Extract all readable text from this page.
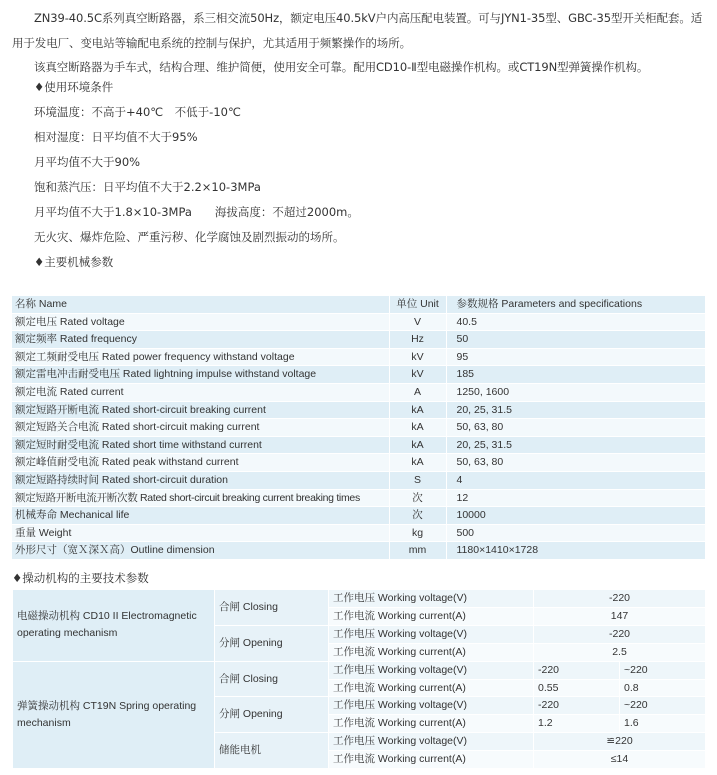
ZN39-40.5C系列真空断路器，系三相交流50Hz，额定电压40.5kV户内高压配电装置。可与JYN1-35型、GBC-35型开关柜配套。适用于发电厂、变电站等输配电系统的控制与保护，尤其适用于频繁操作的场所。
该真空断路器为手车式，结构合理、维护简便，使用安全可靠。配用CD10-Ⅱ型电磁操作机构。或CT19N型弹簧操作机构。
♦使用环境条件
环境温度：不高于+40℃　不低于-10℃
相对湿度：日平均值不大于95%
月平均值不大于90%
饱和蒸汽压：日平均值不大于2.2×10-3MPa
月平均值不大于1.8×10-3MPa　　海拔高度：不超过2000m。
无火灾、爆炸危险、严重污秽、化学腐蚀及剧烈振动的场所。
♦主要机械参数
名称 Name	单位 Unit	参数规格 Parameters and specifications
额定电压 Rated voltage	V	40.5
额定频率 Rated frequency	Hz	50
额定工频耐受电压 Rated power frequency withstand voltage	kV	95
额定雷电冲击耐受电压 Rated lightning impulse withstand voltage	kV	185
额定电流 Rated current	A	1250, 1600
额定短路开断电流 Rated short-circuit breaking current	kA	20, 25, 31.5
额定短路关合电流 Rated short-circuit making current	kA	50, 63, 80
额定短时耐受电流 Rated short time withstand current	kA	20, 25, 31.5
额定峰值耐受电流 Rated peak withstand current	kA	50, 63, 80
额定短路持续时间 Rated short-circuit duration	S	4
额定短路开断电流开断次数 Rated short-circuit breaking current breaking times	次	12
机械寿命 Mechanical life	次	10000
重量 Weight	kg	500
外形尺寸（宽Ｘ深Ｘ高）Outline dimension	mm	1180×1410×1728
♦操动机构的主要技术参数
电磁操动机构 CD10 II Electromagnetic operating mechanism	合闸 Closing	工作电压 Working voltage(V)	-220	
		工作电流 Working current(A)	147	
	分闸 Opening	工作电压 Working voltage(V)	-220	
		工作电流 Working current(A)	2.5	
弹簧操动机构 CT19N Spring operating mechanism	合闸 Closing	工作电压 Working voltage(V)	-220	~220
		工作电流 Working current(A)	0.55	0.8
	分闸 Opening	工作电压 Working voltage(V)	-220	~220
		工作电流 Working current(A)	1.2	1.6
	储能电机	工作电压 Working voltage(V)	≌220	
		工作电流 Working current(A)	≤14	
